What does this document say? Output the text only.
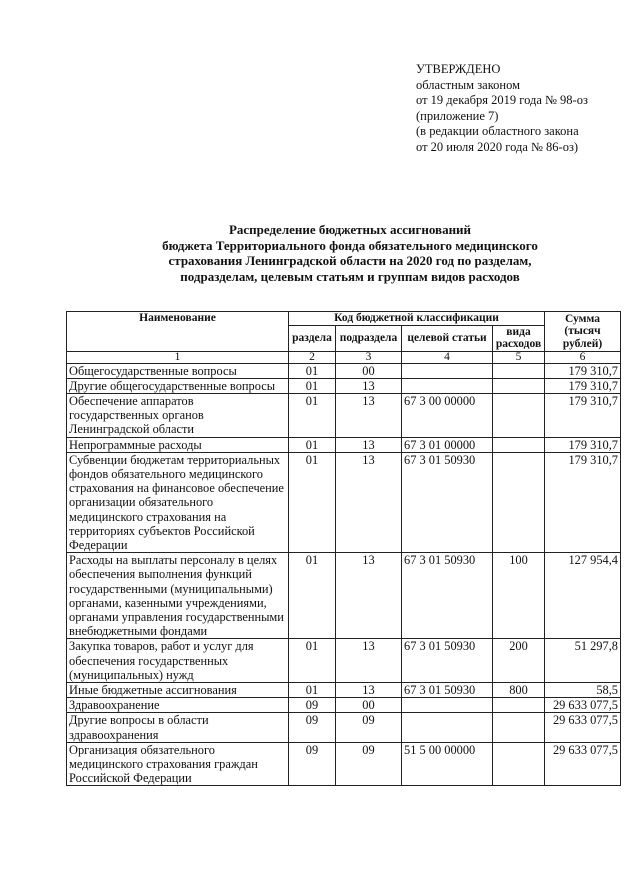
УТВЕРЖДЕНО
областным законом
от 19 декабря 2019 года № 98-оз
(приложение 7)
(в редакции областного закона
от 20 июля 2020 года № 86-оз)
Распределение бюджетных ассигнований
бюджета Территориального фонда обязательного медицинского
страхования Ленинградской области на 2020 год по разделам,
подразделам, целевым статьям и группам видов расходов
Наименование	Код бюджетной классификации				Сумма (тысяч рублей)
	раздела	подраздела	целевой статьи	вида расходов	
1	2	3	4	5	6
Общегосударственные вопросы	01	00			179 310,7
Другие общегосударственные вопросы	01	13			179 310,7
Обеспечение аппаратов государственных органов Ленинградской области	01	13	67 3 00 00000		179 310,7
Непрограммные расходы	01	13	67 3 01 00000		179 310,7
Субвенции бюджетам территориальных фондов обязательного медицинского страхования на финансовое обеспечение организации обязательного медицинского страхования на территориях субъектов Российской Федерации	01	13	67 3 01 50930		179 310,7
Расходы на выплаты персоналу в целях обеспечения выполнения функций государственными (муниципальными) органами, казенными учреждениями, органами управления государственными внебюджетными фондами	01	13	67 3 01 50930	100	127 954,4
Закупка товаров, работ и услуг для обеспечения государственных (муниципальных) нужд	01	13	67 3 01 50930	200	51 297,8
Иные бюджетные ассигнования	01	13	67 3 01 50930	800	58,5
Здравоохранение	09	00			29 633 077,5
Другие вопросы в области здравоохранения	09	09			29 633 077,5
Организация обязательного медицинского страхования граждан Российской Федерации	09	09	51 5 00 00000		29 633 077,5
